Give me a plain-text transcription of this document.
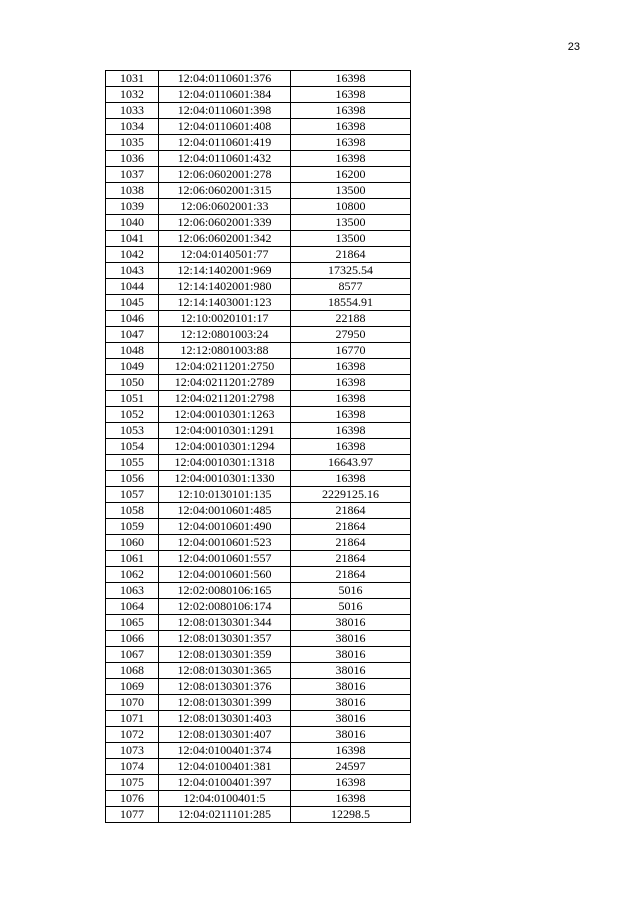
23
1031	12:04:0110601:376	16398
1032	12:04:0110601:384	16398
1033	12:04:0110601:398	16398
1034	12:04:0110601:408	16398
1035	12:04:0110601:419	16398
1036	12:04:0110601:432	16398
1037	12:06:0602001:278	16200
1038	12:06:0602001:315	13500
1039	12:06:0602001:33	10800
1040	12:06:0602001:339	13500
1041	12:06:0602001:342	13500
1042	12:04:0140501:77	21864
1043	12:14:1402001:969	17325.54
1044	12:14:1402001:980	8577
1045	12:14:1403001:123	18554.91
1046	12:10:0020101:17	22188
1047	12:12:0801003:24	27950
1048	12:12:0801003:88	16770
1049	12:04:0211201:2750	16398
1050	12:04:0211201:2789	16398
1051	12:04:0211201:2798	16398
1052	12:04:0010301:1263	16398
1053	12:04:0010301:1291	16398
1054	12:04:0010301:1294	16398
1055	12:04:0010301:1318	16643.97
1056	12:04:0010301:1330	16398
1057	12:10:0130101:135	2229125.16
1058	12:04:0010601:485	21864
1059	12:04:0010601:490	21864
1060	12:04:0010601:523	21864
1061	12:04:0010601:557	21864
1062	12:04:0010601:560	21864
1063	12:02:0080106:165	5016
1064	12:02:0080106:174	5016
1065	12:08:0130301:344	38016
1066	12:08:0130301:357	38016
1067	12:08:0130301:359	38016
1068	12:08:0130301:365	38016
1069	12:08:0130301:376	38016
1070	12:08:0130301:399	38016
1071	12:08:0130301:403	38016
1072	12:08:0130301:407	38016
1073	12:04:0100401:374	16398
1074	12:04:0100401:381	24597
1075	12:04:0100401:397	16398
1076	12:04:0100401:5	16398
1077	12:04:0211101:285	12298.5
